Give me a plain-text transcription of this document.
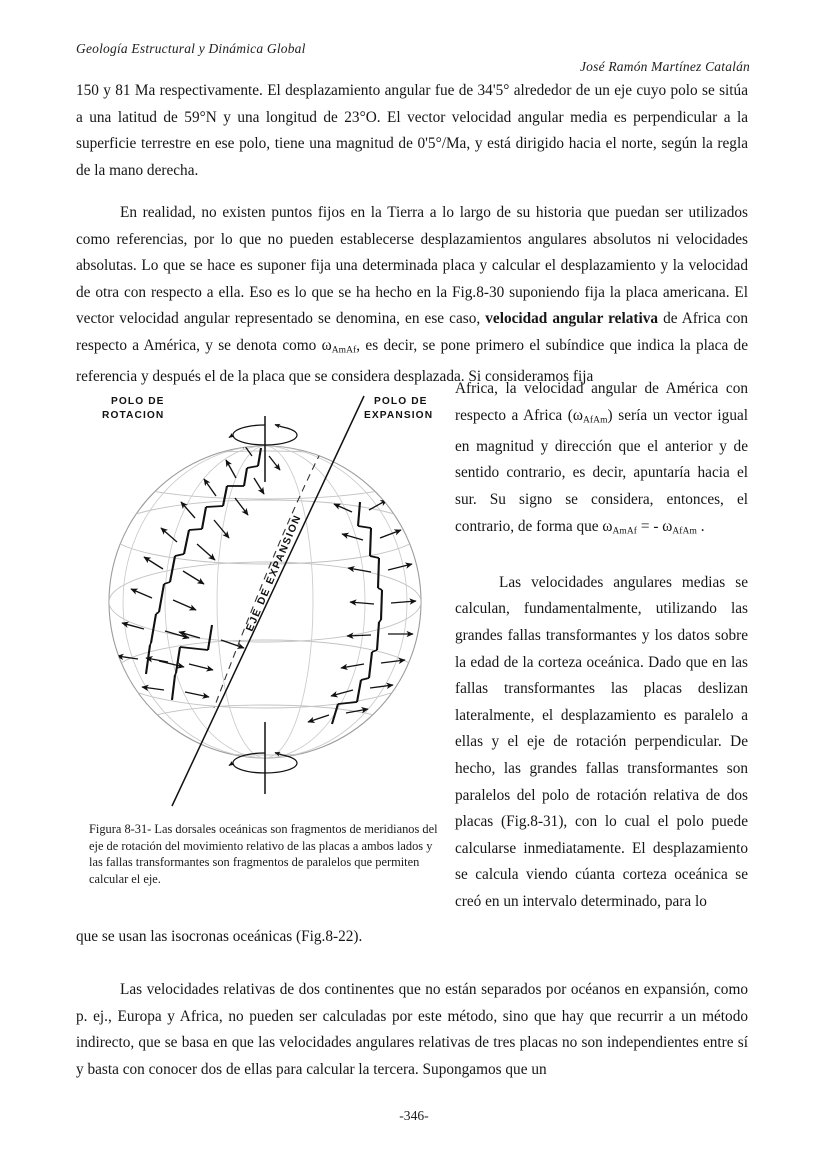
Geología Estructural y Dinámica Global
José Ramón Martínez Catalán
150 y 81 Ma respectivamente. El desplazamiento angular fue de 34'5° alrededor de un eje cuyo polo se sitúa a una latitud de 59°N y una longitud de 23°O. El vector velocidad angular media es perpendicular a la superficie terrestre en ese polo, tiene una magnitud de 0'5°/Ma, y está dirigido hacia el norte, según la regla de la mano derecha.
En realidad, no existen puntos fijos en la Tierra a lo largo de su historia que puedan ser utilizados como referencias, por lo que no pueden establecerse desplazamientos angulares absolutos ni velocidades absolutas. Lo que se hace es suponer fija una determinada placa y calcular el desplazamiento y la velocidad de otra con respecto a ella. Eso es lo que se ha hecho en la Fig.8-30 suponiendo fija la placa americana. El vector velocidad angular representado se denomina, en ese caso, velocidad angular relativa de Africa con respecto a América, y se denota como $\omega_{AmAf}$, es decir, se pone primero el subíndice que indica la placa de referencia y después el de la placa que se considera desplazada. Si consideramos fija
POLO DE
ROTACION
POLO DE
EXPANSION
EJE DE EXPANSION
Figura 8-31- Las dorsales oceánicas son fragmentos de meridianos del eje de rotación del movimiento relativo de las placas a ambos lados y las fallas transformantes son fragmentos de paralelos que permiten calcular el eje.

Africa, la velocidad angular de América con respecto a Africa $(\omega_{AfAm})$ sería un vector igual en magnitud y dirección que el anterior y de sentido contrario, es decir, apuntaría hacia el sur. Su signo se considera, entonces, el contrario, de forma que $\omega_{AmAf}$ = - $\omega_{AfAm}$ .

Las velocidades angulares medias se calculan, fundamentalmente, utilizando las grandes fallas transformantes y los datos sobre la edad de la corteza oceánica. Dado que en las fallas transformantes las placas deslizan lateralmente, el desplazamiento es paralelo a ellas y el eje de rotación perpendicular. De hecho, las grandes fallas transformantes son paralelos del polo de rotación relativa de dos placas (Fig.8-31), con lo cual el polo puede calcularse inmediatamente. El desplazamiento se calcula viendo cúanta corteza oceánica se creó en un intervalo determinado, para lo

que se usan las isocronas oceánicas (Fig.8-22).
Las velocidades relativas de dos continentes que no están separados por océanos en expansión, como p. ej., Europa y Africa, no pueden ser calculadas por este método, sino que hay que recurrir a un método indirecto, que se basa en que las velocidades angulares relativas de tres placas no son independientes entre sí y basta con conocer dos de ellas para calcular la tercera. Supongamos que un
-346-
